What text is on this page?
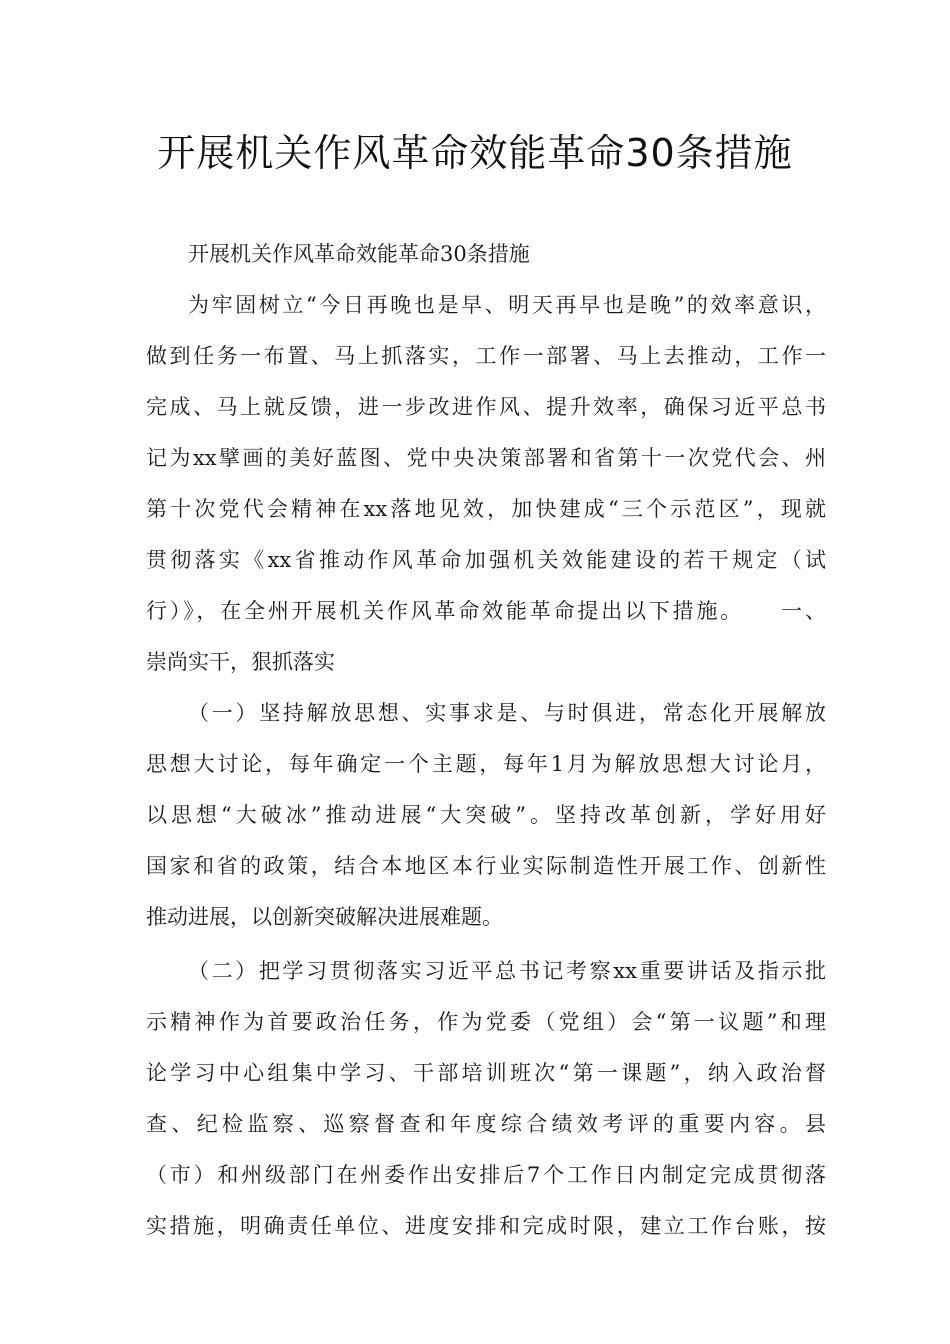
开展机关作风革命效能革命30条措施

开展机关作风革命效能革命30条措施

为牢固树立“今日再晚也是早、明天再早也是晚”的效率意识，
做到任务一布置、马上抓落实，工作一部署、马上去推动，工作一
完成、马上就反馈，进一步改进作风、提升效率，确保习近平总书
记为xx擘画的美好蓝图、党中央决策部署和省第十一次党代会、州
第十次党代会精神在xx落地见效，加快建成“三个示范区”，现就
贯彻落实《xx省推动作风革命加强机关效能建设的若干规定（试
行）》，在全州开展机关作风革命效能革命提出以下措施。　　一、
崇尚实干，狠抓落实
（一）坚持解放思想、实事求是、与时俱进，常态化开展解放
思想大讨论，每年确定一个主题，每年1月为解放思想大讨论月，
以思想“大破冰”推动进展“大突破”。坚持改革创新，学好用好
国家和省的政策，结合本地区本行业实际制造性开展工作、创新性
推动进展，以创新突破解决进展难题。
（二）把学习贯彻落实习近平总书记考察xx重要讲话及指示批
示精神作为首要政治任务，作为党委（党组）会“第一议题”和理
论学习中心组集中学习、干部培训班次“第一课题”，纳入政治督
查、纪检监察、巡察督查和年度综合绩效考评的重要内容。县
（市）和州级部门在州委作出安排后7个工作日内制定完成贯彻落
实措施，明确责任单位、进度安排和完成时限，建立工作台账，按
